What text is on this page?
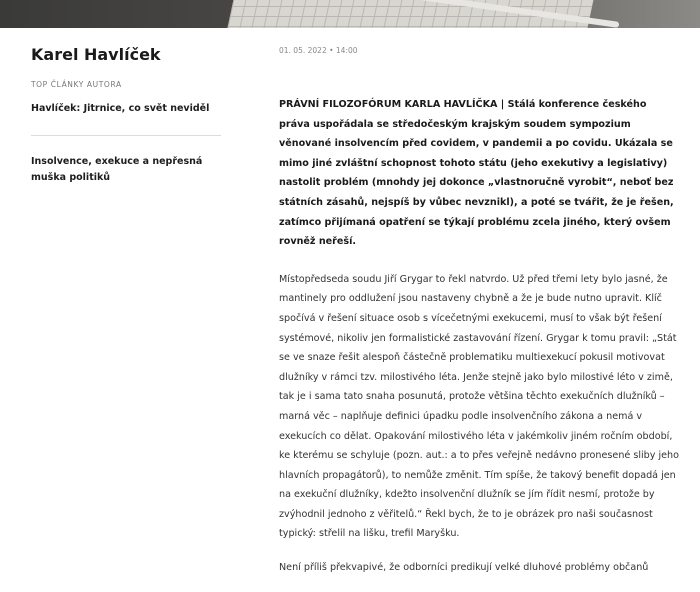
Karel Havlíček
TOP ČLÁNKY AUTORA
Havlíček: Jitrnice, co svět neviděl
Insolvence, exekuce a nepřesná muška politiků
01. 05. 2022 • 14:00

PRÁVNÍ FILOZOFÓRUM KARLA HAVLÍČKA | Stálá konference českého práva uspořádala se středočeským krajským soudem sympozium věnované insolvencím před covidem, v pandemii a po covidu. Ukázala se mimo jiné zvláštní schopnost tohoto státu (jeho exekutivy a legislativy) nastolit problém (mnohdy jej dokonce „vlastnoručně vyrobit“, neboť bez státních zásahů, nejspíš by vůbec nevznikl), a poté se tvářit, že je řešen, zatímco přijímaná opatření se týkají problému zcela jiného, který ovšem rovněž neřeší.

Místopředseda soudu Jiří Grygar to řekl natvrdo. Už před třemi lety bylo jasné, že mantinely pro oddlužení jsou nastaveny chybně a že je bude nutno upravit. Klíč spočívá v řešení situace osob s vícečetnými exekucemi, musí to však být řešení systémové, nikoliv jen formalistické zastavování řízení. Grygar k tomu pravil: „Stát se ve snaze řešit alespoň částečně problematiku multiexekucí pokusil motivovat dlužníky v rámci tzv. milostivého léta. Jenže stejně jako bylo milostivé léto v zimě, tak je i sama tato snaha posunutá, protože většina těchto exekučních dlužníků – marná věc – naplňuje definici úpadku podle insolvenčního zákona a nemá v exekucích co dělat. Opakování milostivého léta v jakémkoliv jiném ročním období, ke kterému se schyluje (pozn. aut.: a to přes veřejně nedávno pronesené sliby jeho hlavních propagátorů), to nemůže změnit. Tím spíše, že takový benefit dopadá jen na exekuční dlužníky, kdežto insolvenční dlužník se jím řídit nesmí, protože by zvýhodnil jednoho z věřitelů.“ Řekl bych, že to je obrázek pro naši současnost typický: střelil na lišku, trefil Maryšku.

Není příliš překvapivé, že odborníci predikují velké dluhové problémy občanů
